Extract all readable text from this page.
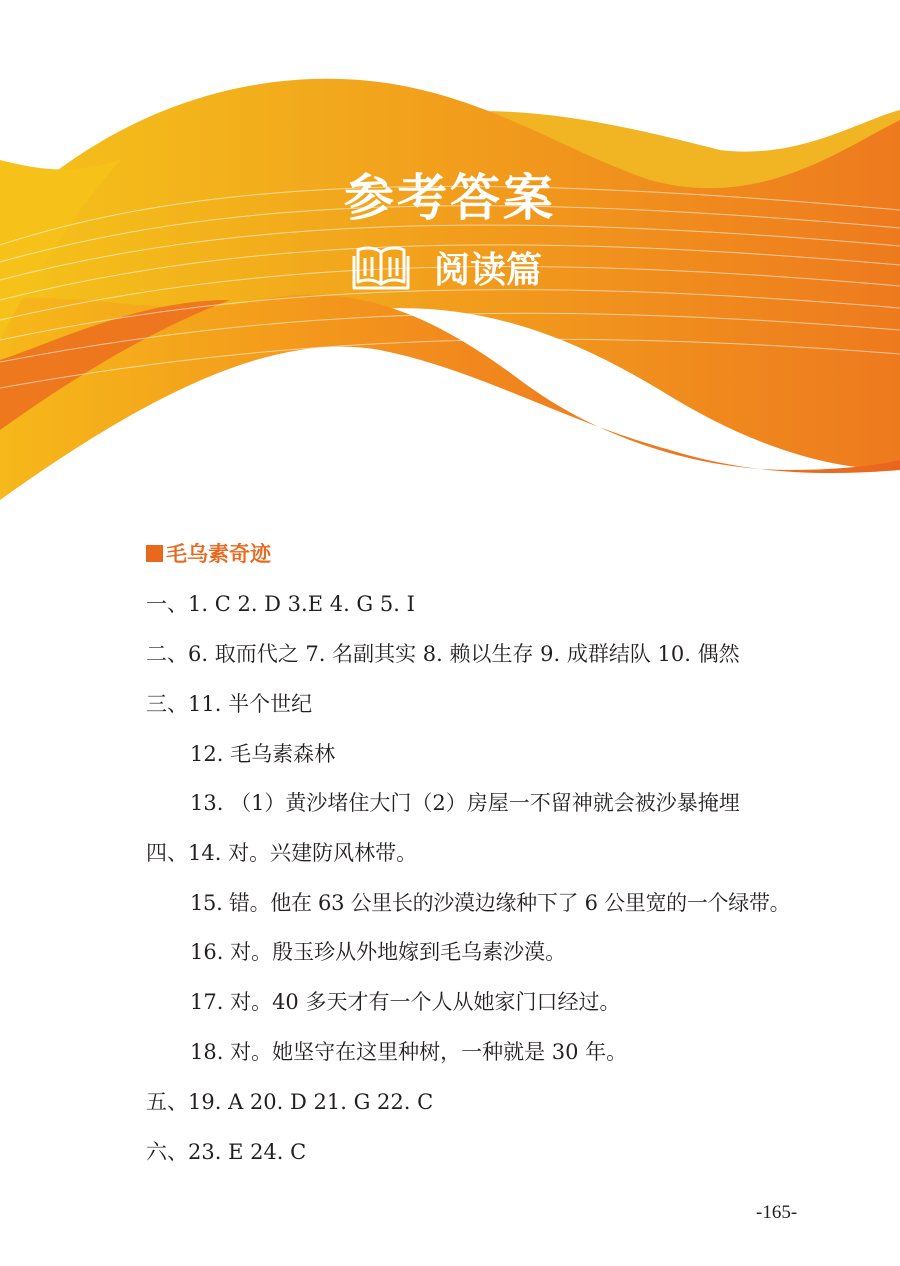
参考答案
阅读篇
毛乌素奇迹
一、1. C 2. D 3.E 4. G 5. I
二、6. 取而代之 7. 名副其实 8. 赖以生存 9. 成群结队 10. 偶然
三、11. 半个世纪
12. 毛乌素森林
13. （1）黄沙堵住大门（2）房屋一不留神就会被沙暴掩埋
四、14. 对。兴建防风林带。
15. 错。他在 63 公里长的沙漠边缘种下了 6 公里宽的一个绿带。
16. 对。殷玉珍从外地嫁到毛乌素沙漠。
17. 对。40 多天才有一个人从她家门口经过。
18. 对。她坚守在这里种树，一种就是 30 年。
五、19. A 20. D 21. G 22. C
六、23. E 24. C
-165-
